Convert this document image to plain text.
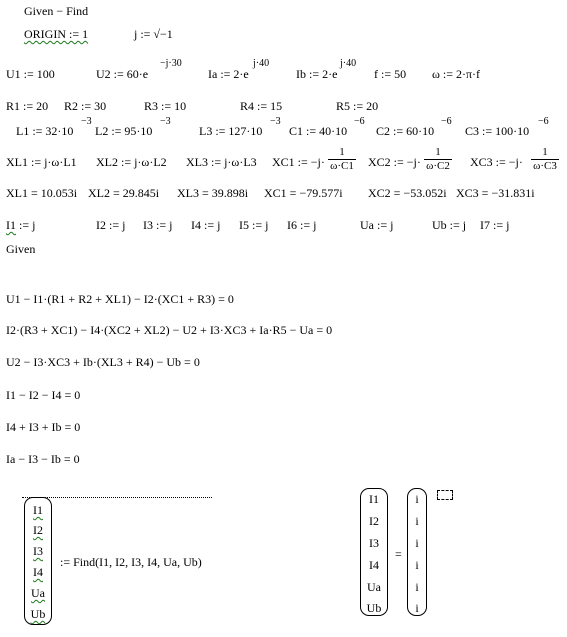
Given − Find
ORIGIN := 1	j := √−1
U1 := 100	U2 := 60·e
−j·30
Ia := 2·e
j·40
Ib := 2·e
j·40
f := 50 ω := 2·π·f
R1 := 20 R2 := 30	R3 := 10	R4 := 15	R5 := 20
L1 := 32·10
−3
L2 := 95·10
−3
L3 := 127·10
−3
C1 := 40·10
−6
C2 := 60·10
−6
C3 := 100·10
−6
XL1 := j·ω·L1 XL2 := j·ω·L2 XL3 := j·ω·L3 XC1 := −j·
1
ω·C1 XC2 := −j·
1
ω·C2 XC3 := −j·
1
ω·C3
XL1 = 10.053i XL2 = 29.845i XL3 = 39.898i XC1 = −79.577i XC2 = −53.052i XC3 = −31.831i
I1 := j	I2 := j I3 := j I4 := j I5 := j I6 := j	Ua := j	Ub := j I7 := j
Given
U1 − I1·(R1 + R2 + XL1) − I2·(XC1 + R3) = 0
I2·(R3 + XC1) − I4·(XC2 + XL2) − U2 + I3·XC3 + Ia·R5 − Ua = 0
U2 − I3·XC3 + Ib·(XL3 + R4) − Ub = 0
I1 − I2 − I4 = 0
I4 + I3 + Ib = 0
Ia − I3 − Ib = 0
I1
I2
I3
I4
Ua
Ub
:= Find(I1, I2, I3, I4, Ua, Ub)
I1
I2
I3
I4
Ua
Ub
=
i
i
i
i
i
i
